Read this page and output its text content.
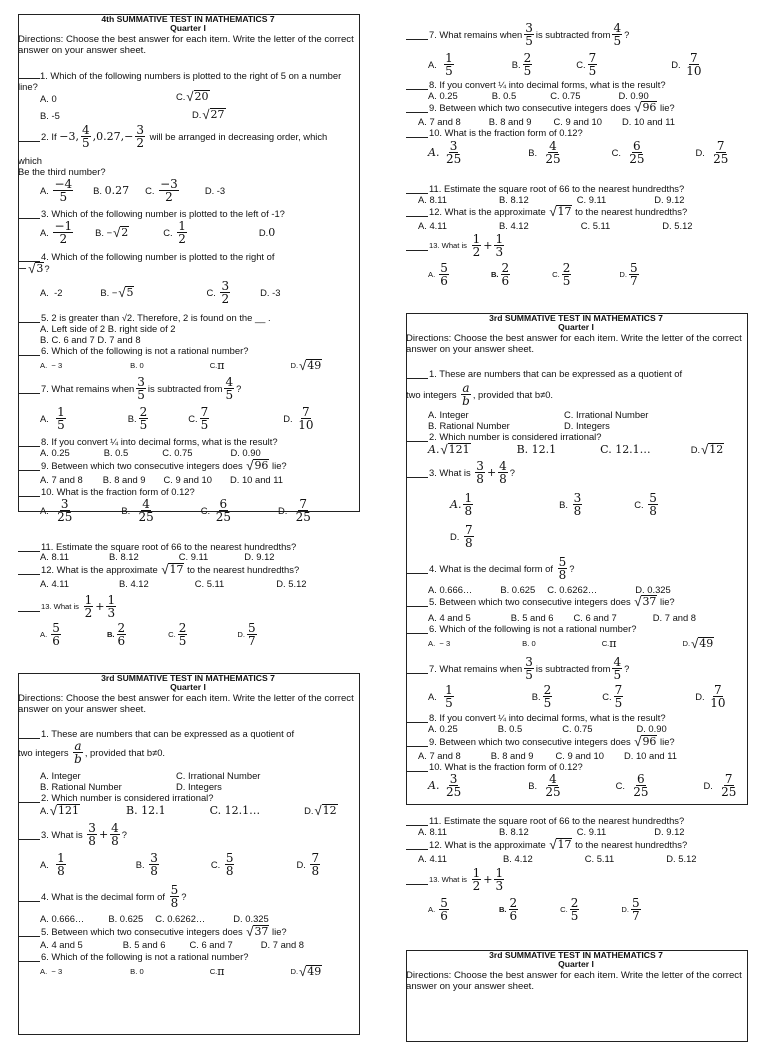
4th SUMMATIVE TEST IN MATHEMATICS 7
Quarter I
Directions: Choose the best answer for each item. Write the letter of the correct answer on your answer sheet.
1. Which of the following numbers is plotted to the right of 5 on a number line?
A. 0
B. -5
C. √ 20
D. √ 27
2. If
−3, $\frac{4}{5} ,0.27,- \frac{3}{2}$
will be arranged in decreasing order, which
which
Be the third number?
A. $\frac{-4}{5} B$. 0.27 C. $\frac{-3}{2}$	D. -3
3. Which of the following number is plotted to the left of -1?
A. $\frac{-1}{2} B$. − √ 2	C. $\frac{1}{2}$	D. 0
4. Which of the following number is plotted to the right of
− √ 3 ?
A.  -2	B. − √ 5	C. $\frac{3}{2}$	D. -3
5. 2 is greater than √2. Therefore, 2 is found on the __ .
A. Left side of 2 B. right side of 2
B. C. 6 and 7 D. 7 and 8
6. Which of the following is not a rational number?
A.  − 3	B. 0	C. π	D. √ 49
7. What remains when $\frac{3}{5}$ is subtracted from $\frac{4}{5}$ ?
A. $\frac{1}{5}$	B. $\frac{2}{5}$	C. $\frac{7}{5}$	D. $\frac{7}{10}$
8. If you convert ¼ into decimal forms, what is the result?
A. 0.25	B. 0.5	C. 0.75	D. 0.90
9. Between which two consecutive integers does
√ 96
lie?
A. 7 and 8 B. 8 and 9 C. 9 and 10 D. 10 and 11
10. What is the fraction form of 0.12?
A. $\frac{3}{25}$	B. $\frac{4}{25}$	C. $\frac{6}{25}$	D. $\frac{7}{25}$
11. Estimate the square root of 66 to the nearest hundredths?
A. 8.11	B. 8.12	C. 9.11	D. 9.12
12. What is the approximate
√ 17
to the nearest hundredths?
A. 4.11	B. 4.12	C. 5.11	D. 5.12
13. What is
$\frac{1}{2} + \frac{1}{3}$
A. $\frac{5}{6}$	B. $\frac{2}{6}$	C. $\frac{2}{5}$	D. $\frac{5}{7}$
3rd SUMMATIVE TEST IN MATHEMATICS 7
Quarter I
Directions: Choose the best answer for each item. Write the letter of the correct answer on your answer sheet.
1. These are numbers that can be expressed as a quotient of
two integers
$\frac{a}{b}$ , provided that b≠0.
A. Integer	C. Irrational Number
B. Rational Number	D. Integers
2. Which number is considered irrational?
A. √ 121	B. 12.1	C. 12.1…	D. √ 12
3. What is
$\frac{3}{8} + \frac{4}{8}$ ?
A. $\frac{1}{8}$	B. $\frac{3}{8}$	C. $\frac{5}{8}$	D. $\frac{7}{8}$
4. What is the decimal form of
$\frac{5}{8}$ ?
A. 0.666…	B. 0.625 C. 0.6262…	D. 0.325
5. Between which two consecutive integers does
√ 37
lie?
A. 4 and 5	B. 5 and 6	C. 6 and 7	D. 7 and 8
6. Which of the following is not a rational number?
A.  − 3	B. 0	C. π	D. √ 49
7. What remains when $\frac{3}{5}$ is subtracted from $\frac{4}{5}$ ?
A. $\frac{1}{5}$	B. $\frac{2}{5}$	C. $\frac{7}{5}$	D. $\frac{7}{10}$
8. If you convert ¼ into decimal forms, what is the result?
A. 0.25	B. 0.5	C. 0.75	D. 0.90
9. Between which two consecutive integers does
√ 96
lie?
A. 7 and 8	B. 8 and 9 C. 9 and 10 D. 10 and 11
10. What is the fraction form of 0.12?
A.
$\frac{3}{25}$	B. $\frac{4}{25}$	C. $\frac{6}{25}$	D. $\frac{7}{25}$
11. Estimate the square root of 66 to the nearest hundredths?
A. 8.11	B. 8.12	C. 9.11	D. 9.12
12. What is the approximate
√ 17
to the nearest hundredths?
A. 4.11	B. 4.12	C. 5.11	D. 5.12
13. What is
$\frac{1}{2} + \frac{1}{3}$
A. $\frac{5}{6}$	B. $\frac{2}{6}$	C. $\frac{2}{5}$	D. $\frac{5}{7}$
3rd SUMMATIVE TEST IN MATHEMATICS 7
Quarter I
Directions: Choose the best answer for each item. Write the letter of the correct answer on your answer sheet.
1. These are numbers that can be expressed as a quotient of
two integers
$\frac{a}{b}$ , provided that b≠0.
A. Integer	C. Irrational Number
B. Rational Number	D. Integers
2. Which number is considered irrational?
A. √ 121	B. 12.1	C. 12.1…	D. √ 12
3. What is
$\frac{3}{8} + \frac{4}{8}$ ?
A. $\frac{1}{8}$	B. $\frac{3}{8}$	C. $\frac{5}{8}$
D. $\frac{7}{8}$
4. What is the decimal form of
$\frac{5}{8}$ ?
A. 0.666…	B. 0.625 C. 0.6262…	D. 0.325
5. Between which two consecutive integers does
√ 37
lie?
A. 4 and 5	B. 5 and 6 C. 6 and 7	D. 7 and 8
6. Which of the following is not a rational number?
A.  − 3	B. 0	C. π	D. √ 49
7. What remains when $\frac{3}{5}$ is subtracted from $\frac{4}{5}$ ?
A. $\frac{1}{5}$	B. $\frac{2}{5}$	C. $\frac{7}{5}$	D. $\frac{7}{10}$
8. If you convert ¼ into decimal forms, what is the result?
A. 0.25	B. 0.5	C. 0.75	D. 0.90
9. Between which two consecutive integers does
√ 96
lie?
A. 7 and 8	B. 8 and 9 C. 9 and 10 D. 10 and 11
10. What is the fraction form of 0.12?
A.
$\frac{3}{25}$	B. $\frac{4}{25}$	C. $\frac{6}{25}$	D. $\frac{7}{25}$
11. Estimate the square root of 66 to the nearest hundredths?
A. 8.11	B. 8.12	C. 9.11	D. 9.12
12. What is the approximate
√ 17
to the nearest hundredths?
A. 4.11	B. 4.12	C. 5.11	D. 5.12
13. What is
$\frac{1}{2} + \frac{1}{3}$
A. $\frac{5}{6}$	B. $\frac{2}{6}$	C. $\frac{2}{5}$	D. $\frac{5}{7}$
3rd SUMMATIVE TEST IN MATHEMATICS 7
Quarter I
Directions: Choose the best answer for each item. Write the letter of the correct answer on your answer sheet.
